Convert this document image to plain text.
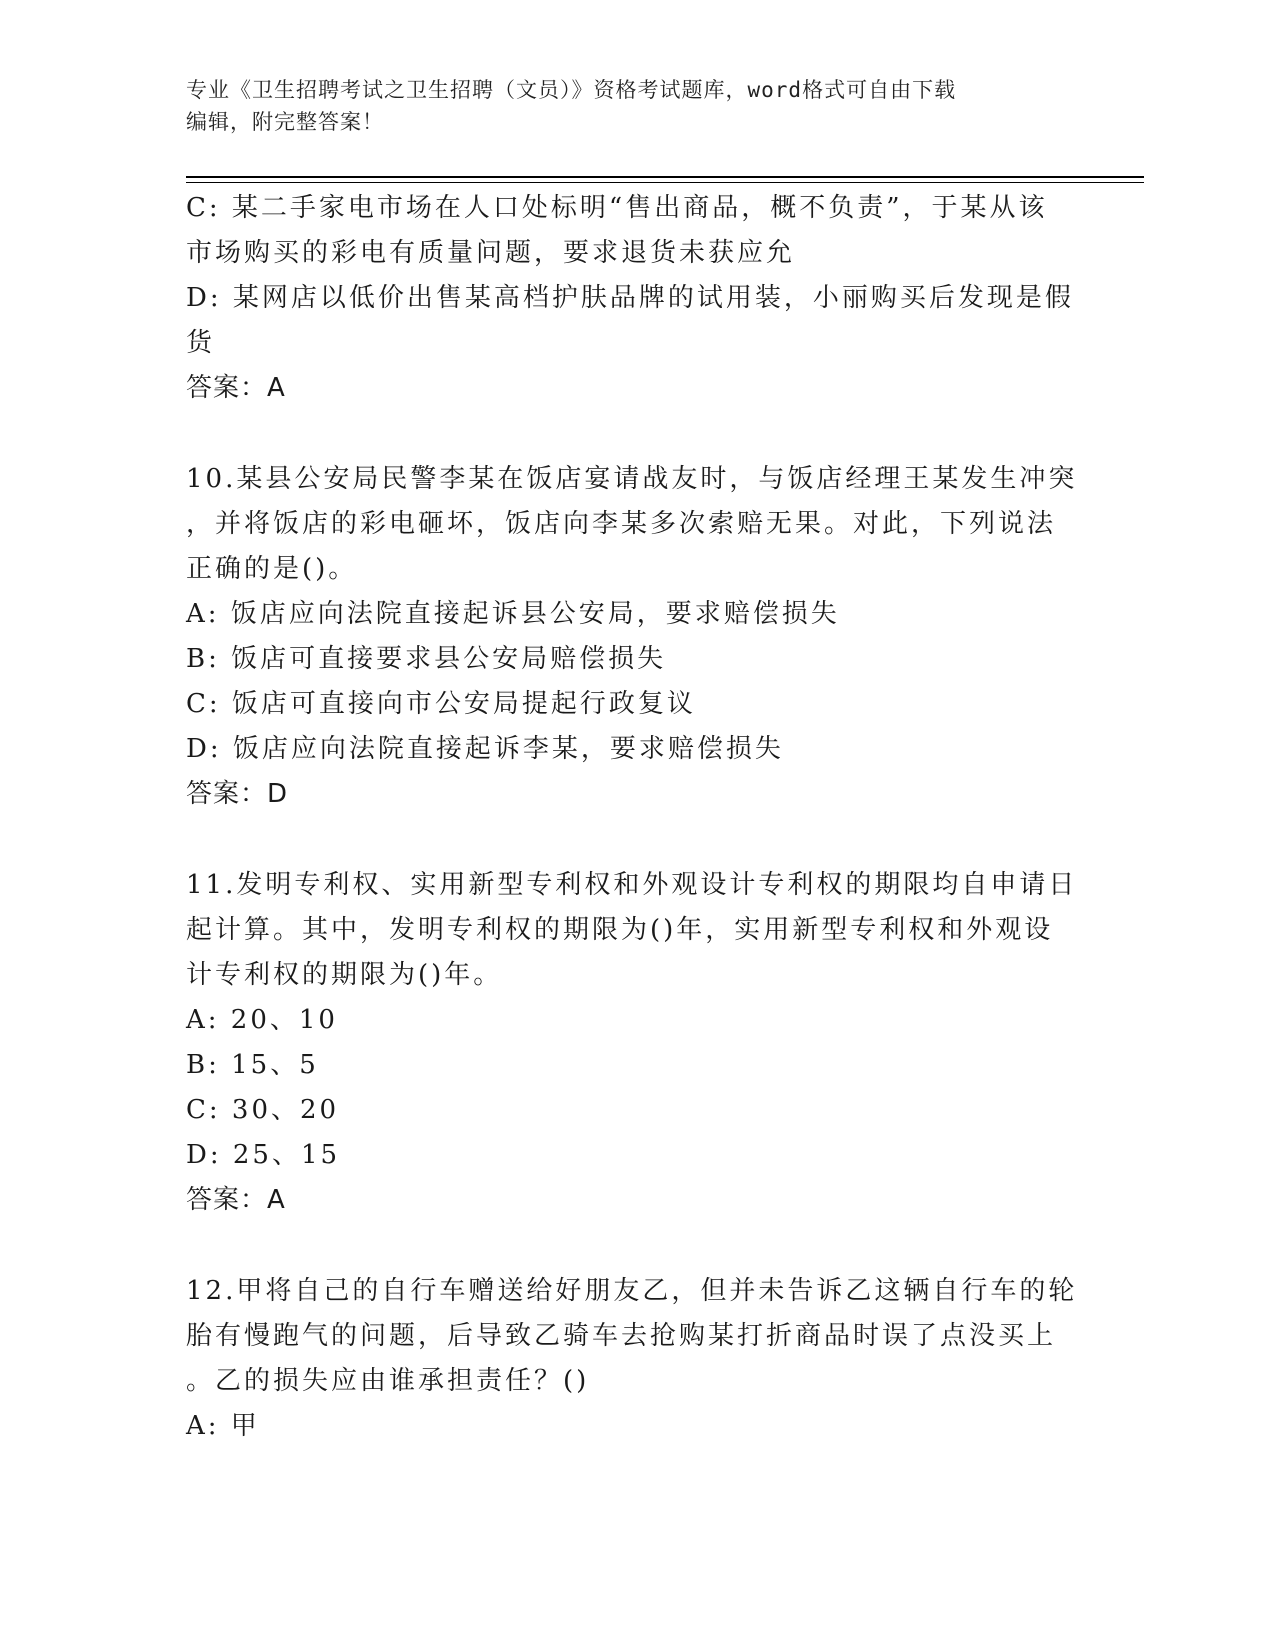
专业《卫生招聘考试之卫生招聘（文员）》资格考试题库，word格式可自由下载
编辑，附完整答案！
C: 某二手家电市场在人口处标明“售出商品，概不负责”，于某从该
市场购买的彩电有质量问题，要求退货未获应允
D: 某网店以低价出售某高档护肤品牌的试用装，小丽购买后发现是假
货
答案：A
10.某县公安局民警李某在饭店宴请战友时，与饭店经理王某发生冲突
，并将饭店的彩电砸坏，饭店向李某多次索赔无果。对此，下列说法
正确的是()。
A: 饭店应向法院直接起诉县公安局，要求赔偿损失
B: 饭店可直接要求县公安局赔偿损失
C: 饭店可直接向市公安局提起行政复议
D: 饭店应向法院直接起诉李某，要求赔偿损失
答案：D
11.发明专利权、实用新型专利权和外观设计专利权的期限均自申请日
起计算。其中，发明专利权的期限为()年，实用新型专利权和外观设
计专利权的期限为()年。
A: 20、10
B: 15、5
C: 30、20
D: 25、15
答案：A
12.甲将自己的自行车赠送给好朋友乙，但并未告诉乙这辆自行车的轮
胎有慢跑气的问题，后导致乙骑车去抢购某打折商品时误了点没买上
。乙的损失应由谁承担责任？()
A: 甲
